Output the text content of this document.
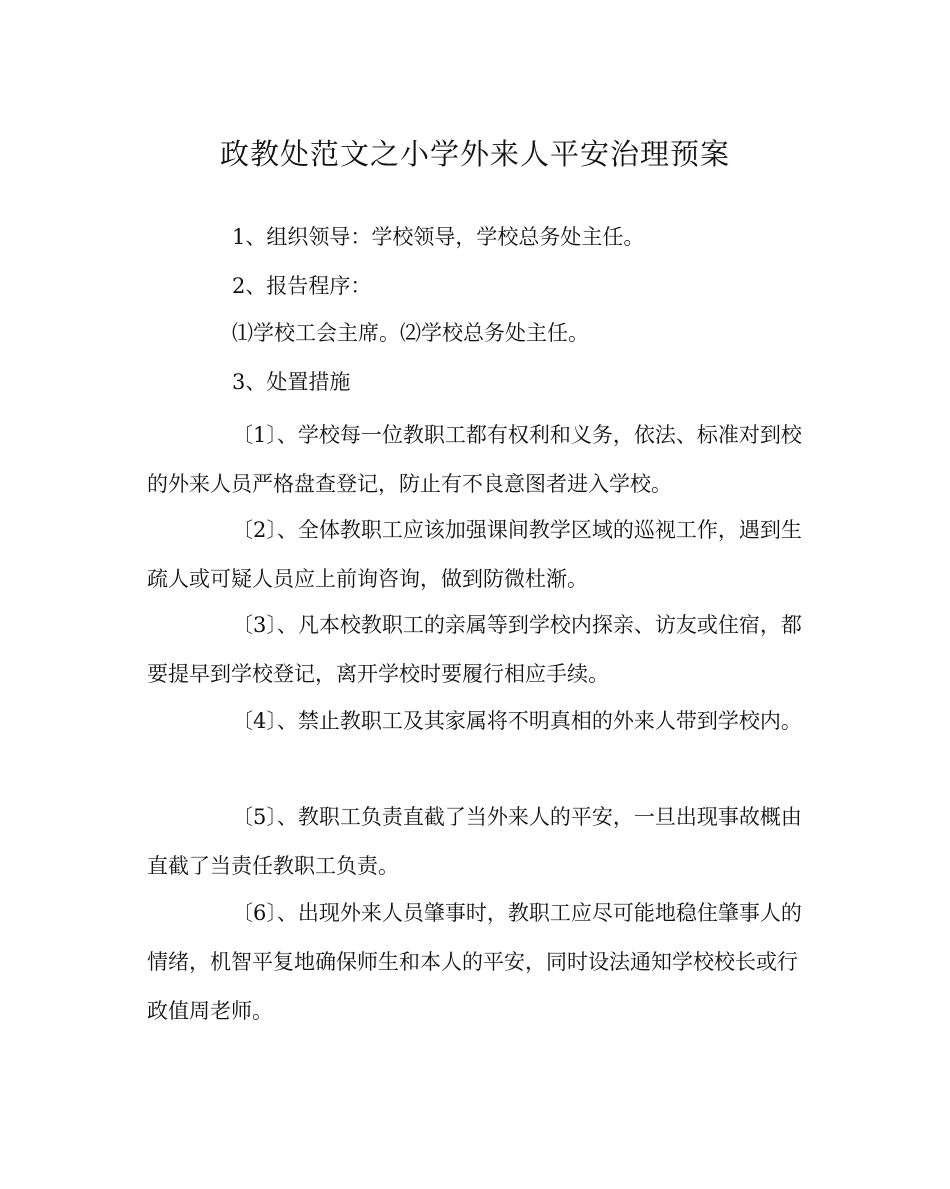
政教处范文之小学外来人平安治理预案
1、组织领导：学校领导，学校总务处主任。
2、报告程序：
⑴学校工会主席。⑵学校总务处主任。
3、处置措施
〔1〕、学校每一位教职工都有权利和义务，依法、标准对到校的外来人员严格盘查登记，防止有不良意图者进入学校。
〔2〕、全体教职工应该加强课间教学区域的巡视工作，遇到生疏人或可疑人员应上前询咨询，做到防微杜渐。
〔3〕、凡本校教职工的亲属等到学校内探亲、访友或住宿，都要提早到学校登记，离开学校时要履行相应手续。
〔4〕、禁止教职工及其家属将不明真相的外来人带到学校内。
〔5〕、教职工负责直截了当外来人的平安，一旦出现事故概由直截了当责任教职工负责。
〔6〕、出现外来人员肇事时，教职工应尽可能地稳住肇事人的情绪，机智平复地确保师生和本人的平安，同时设法通知学校校长或行政值周老师。
